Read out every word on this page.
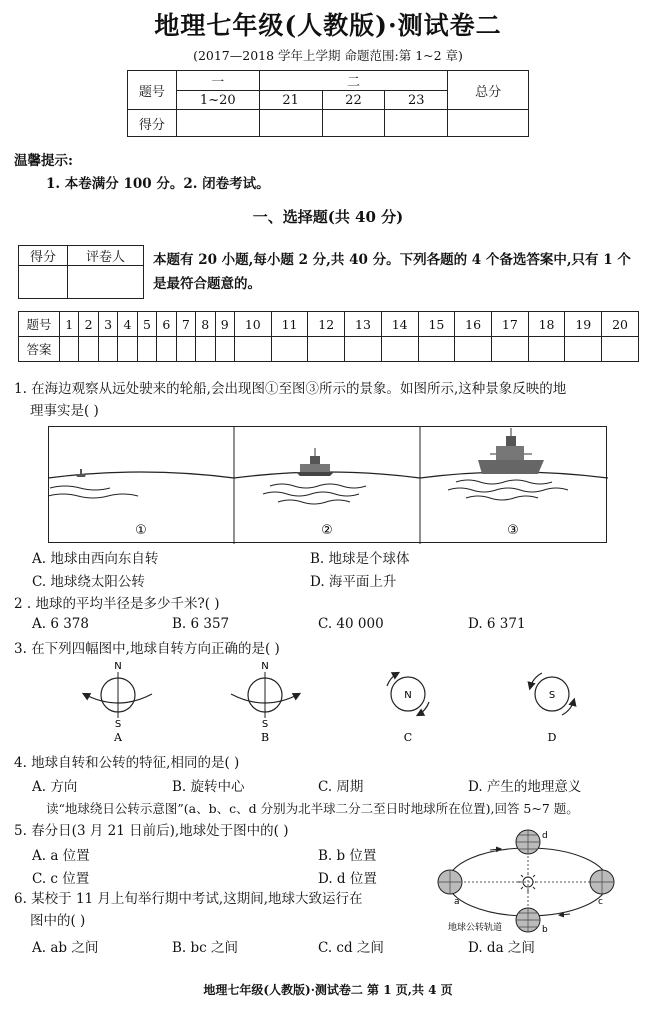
地理七年级(人教版)·测试卷二
(2017—2018 学年上学期 命题范围:第 1~2 章)
题号	一	二			总分
	1~20	21	22	23	
得分					
温馨提示:
1. 本卷满分 100 分。2. 闭卷考试。
一、选择题(共 40 分)
得分	评卷人
	本题有 20 小题,每小题 2 分,共 40 分。下列各题的 4 个备选答案中,只有 1 个是最符合题意的。
题号	1	2	3	4	5	6	7	8	9	10	11	12	13	14	15	16	17	18	19	20
答案																				
1. 在海边观察从远处驶来的轮船,会出现图①至图③所示的景象。如图所示,这种景象反映的地
理事实是( )
①	②	③
A. 地球由西向东自转	B. 地球是个球体
C. 地球绕太阳公转	D. 海平面上升
2 . 地球的平均半径是多少千米?( )
A. 6 378	B. 6 357	C. 40 000	D. 6 371
3. 在下列四幅图中,地球自转方向正确的是( )
N
S
A
N
S
B
N
C
S
D
4. 地球自转和公转的特征,相同的是( )
A. 方向	B. 旋转中心	C. 周期	D. 产生的地理意义
读“地球绕日公转示意图”(a、b、c、d 分别为北半球二分二至日时地球所在位置),回答 5~7 题。
5. 春分日(3 月 21 日前后),地球处于图中的( )
A. a 位置	B. b 位置
C. c 位置	D. d 位置
6. 某校于 11 月上旬举行期中考试,这期间,地球大致运行在
图中的( )
A. ab 之间	B. bc 之间	C. cd 之间	D. da 之间
a
b
c
d
地球公转轨道
地理七年级(人教版)·测试卷二 第 1 页,共 4 页
